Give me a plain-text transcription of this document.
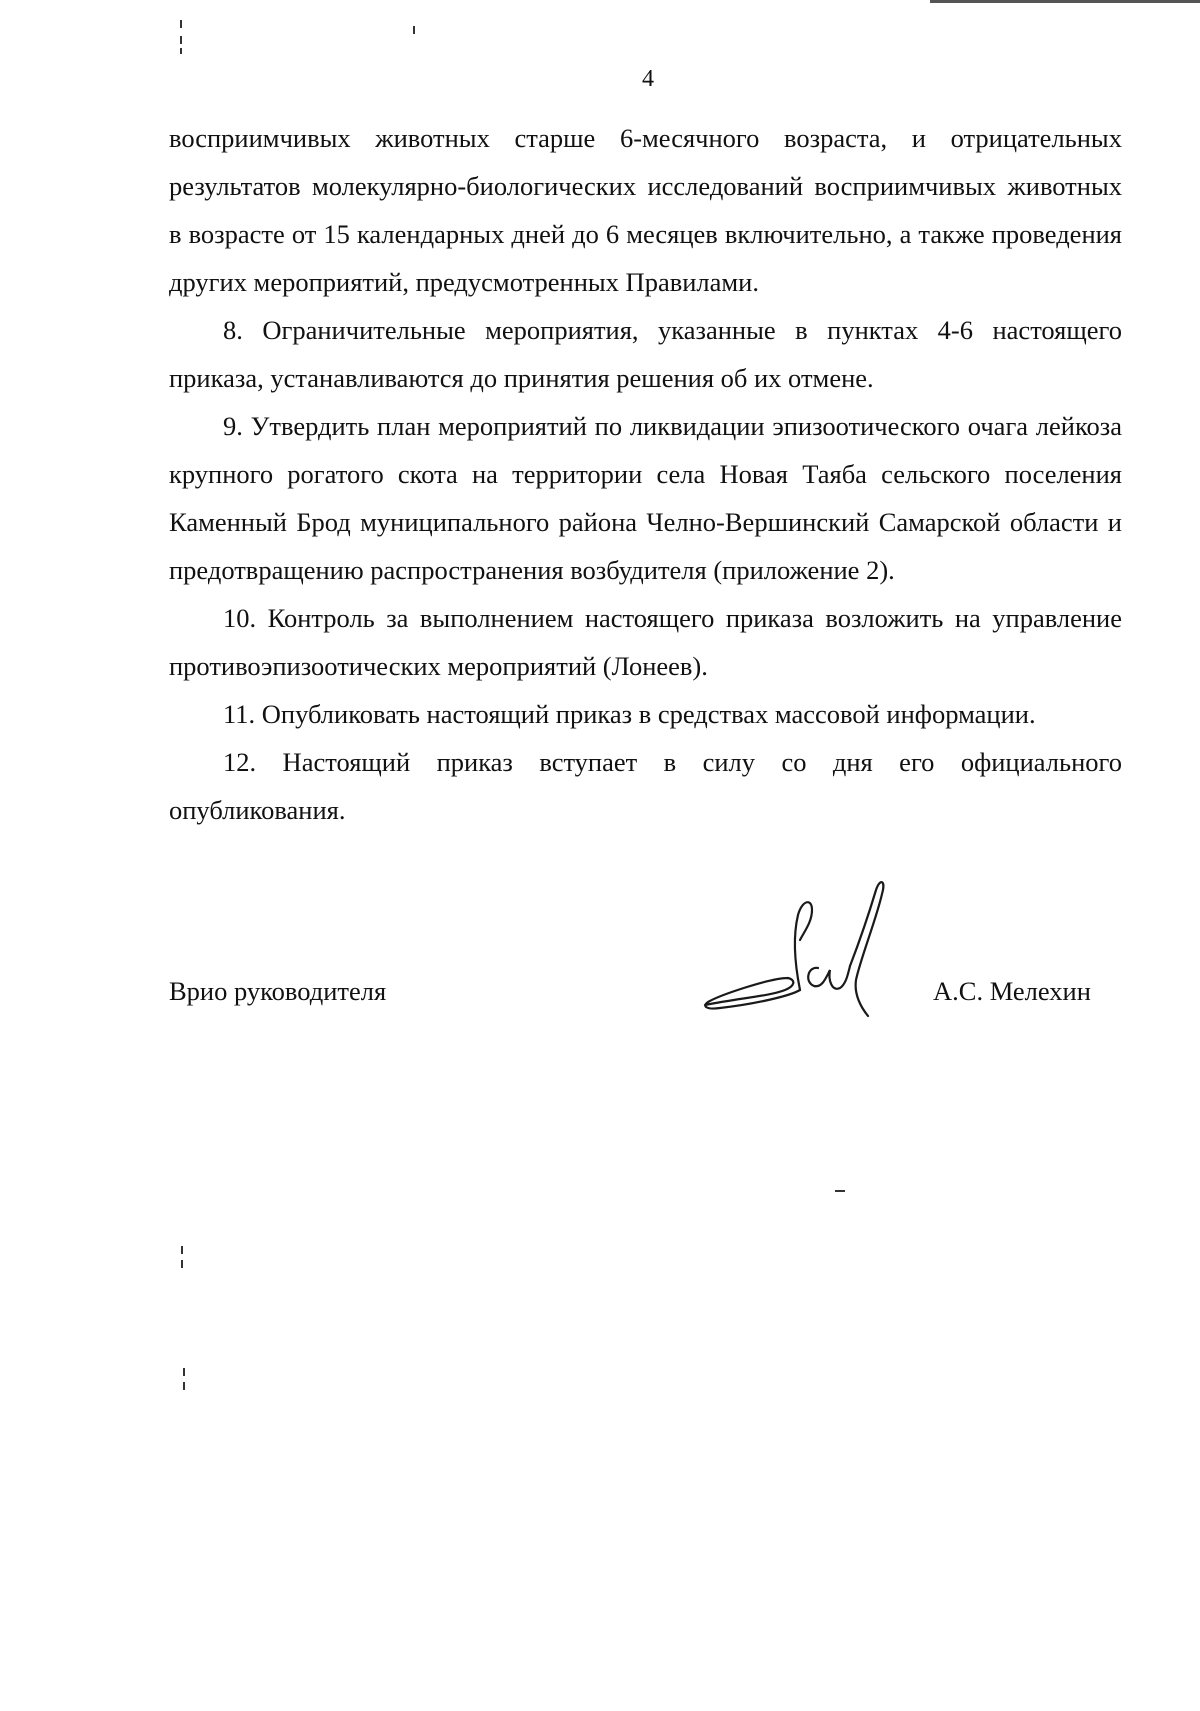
4

восприимчивых животных старше 6-месячного возраста, и отрицательных результатов молекулярно-биологических исследований восприимчивых животных в возрасте от 15 календарных дней до 6 месяцев включительно, а также проведения других мероприятий, предусмотренных Правилами.

8. Ограничительные мероприятия, указанные в пунктах 4-6 настоящего приказа, устанавливаются до принятия решения об их отмене.

9. Утвердить план мероприятий по ликвидации эпизоотического очага лейкоза крупного рогатого скота на территории села Новая Таяба сельского поселения Каменный Брод муниципального района Челно-Вершинский Самарской области и предотвращению распространения возбудителя (приложение 2).

10. Контроль за выполнением настоящего приказа возложить на управление противоэпизоотических мероприятий (Лонеев).

11. Опубликовать настоящий приказ в средствах массовой информации.

12. Настоящий приказ вступает в силу со дня его официального опубликования.

Врио руководителя	А.С. Мелехин
